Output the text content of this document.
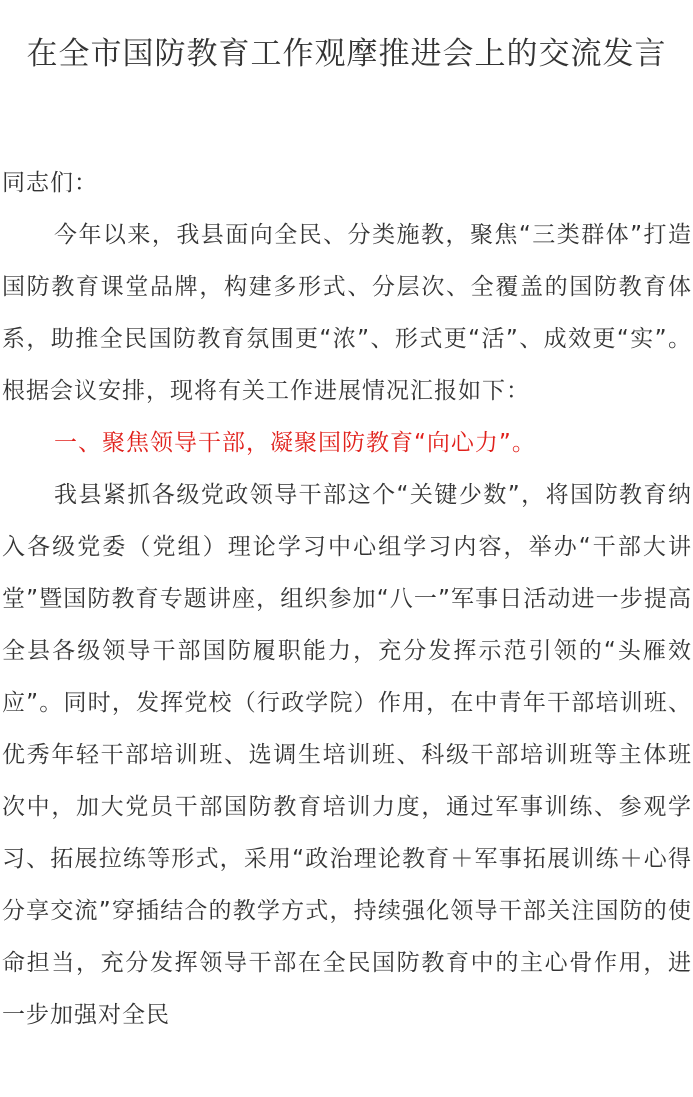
在全市国防教育工作观摩推进会上的交流发言

同志们：

今年以来，我县面向全民、分类施教，聚焦“三类群体”打造国防教育课堂品牌，构建多形式、分层次、全覆盖的国防教育体系，助推全民国防教育氛围更“浓”、形式更“活”、成效更“实”。根据会议安排，现将有关工作进展情况汇报如下：

一、聚焦领导干部，凝聚国防教育“向心力”。

我县紧抓各级党政领导干部这个“关键少数”，将国防教育纳入各级党委（党组）理论学习中心组学习内容，举办“干部大讲堂”暨国防教育专题讲座，组织参加“八一”军事日活动进一步提高全县各级领导干部国防履职能力，充分发挥示范引领的“头雁效应”。同时，发挥党校（行政学院）作用，在中青年干部培训班、优秀年轻干部培训班、选调生培训班、科级干部培训班等主体班次中，加大党员干部国防教育培训力度，通过军事训练、参观学习、拓展拉练等形式，采用“政治理论教育＋军事拓展训练＋心得分享交流”穿插结合的教学方式，持续强化领导干部关注国防的使命担当，充分发挥领导干部在全民国防教育中的主心骨作用，进一步加强对全民
